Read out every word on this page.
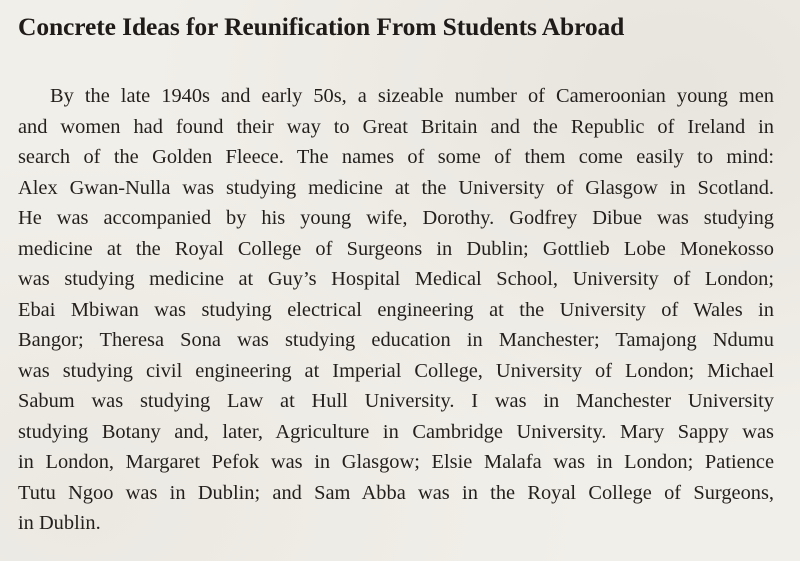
Concrete Ideas for Reunification From Students Abroad
By the late 1940s and early 50s, a sizeable number of Cameroonian young men
and women had found their way to Great Britain and the Republic of Ireland in
search of the Golden Fleece. The names of some of them come easily to mind:
Alex Gwan-Nulla was studying medicine at the University of Glasgow in Scotland.
He was accompanied by his young wife, Dorothy. Godfrey Dibue was studying
medicine at the Royal College of Surgeons in Dublin; Gottlieb Lobe Monekosso
was studying medicine at Guy’s Hospital Medical School, University of London;
Ebai Mbiwan was studying electrical engineering at the University of Wales in
Bangor; Theresa Sona was studying education in Manchester; Tamajong Ndumu
was studying civil engineering at Imperial College, University of London; Michael
Sabum was studying Law at Hull University. I was in Manchester University
studying Botany and, later, Agriculture in Cambridge University. Mary Sappy was
in London, Margaret Pefok was in Glasgow; Elsie Malafa was in London; Patience
Tutu Ngoo was in Dublin; and Sam Abba was in the Royal College of Surgeons,
in Dublin.
